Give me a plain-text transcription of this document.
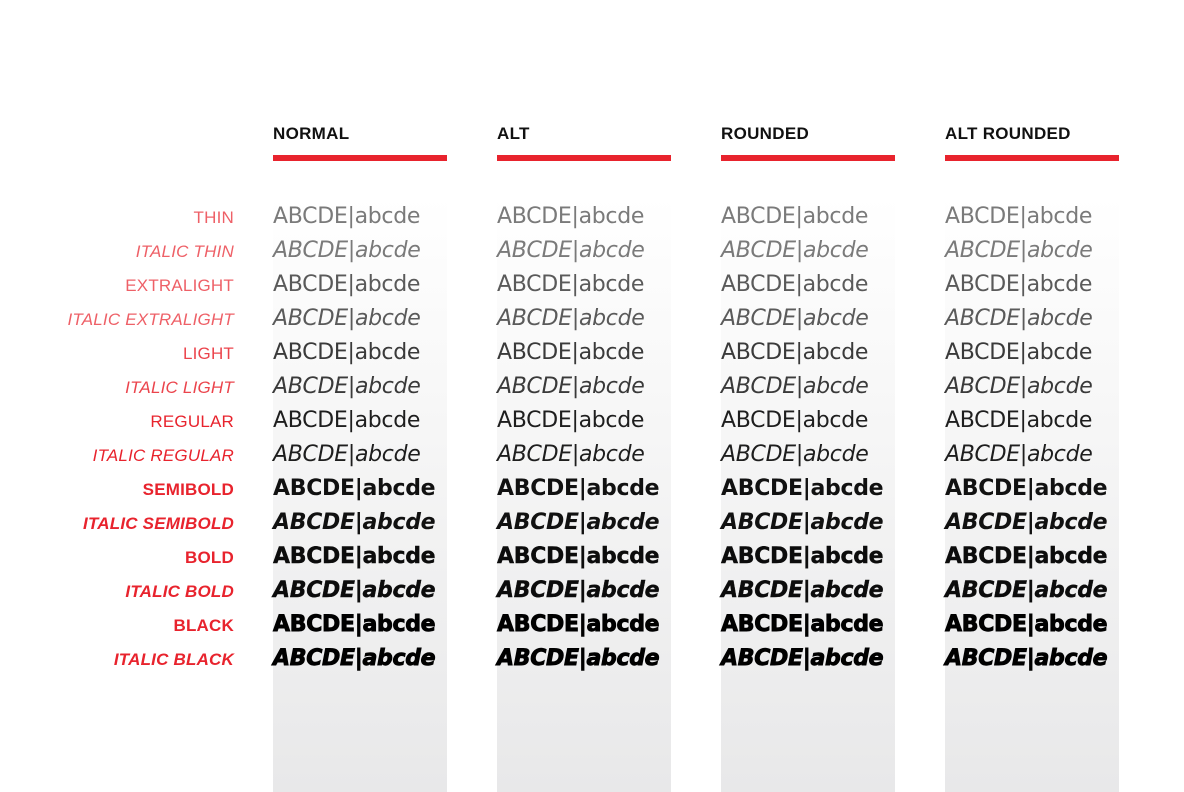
NORMAL	ALT	ROUNDED	ALT ROUNDED
THIN ABCDE|abcde	ABCDE|abcde	ABCDE|abcde	ABCDE|abcde
ITALIC THIN ABCDE|abcde	ABCDE|abcde	ABCDE|abcde	ABCDE|abcde
EXTRALIGHT ABCDE|abcde	ABCDE|abcde	ABCDE|abcde	ABCDE|abcde
ITALIC EXTRALIGHT ABCDE|abcde	ABCDE|abcde	ABCDE|abcde	ABCDE|abcde
LIGHT ABCDE|abcde	ABCDE|abcde	ABCDE|abcde	ABCDE|abcde
ITALIC LIGHT ABCDE|abcde	ABCDE|abcde	ABCDE|abcde	ABCDE|abcde
REGULAR ABCDE|abcde	ABCDE|abcde	ABCDE|abcde	ABCDE|abcde
ITALIC REGULAR ABCDE|abcde	ABCDE|abcde	ABCDE|abcde	ABCDE|abcde
SEMIBOLD ABCDE|abcde	ABCDE|abcde	ABCDE|abcde	ABCDE|abcde
ITALIC SEMIBOLD ABCDE|abcde	ABCDE|abcde	ABCDE|abcde	ABCDE|abcde
BOLD ABCDE|abcde	ABCDE|abcde	ABCDE|abcde	ABCDE|abcde
ITALIC BOLD ABCDE|abcde	ABCDE|abcde	ABCDE|abcde	ABCDE|abcde
BLACK ABCDE|abcde	ABCDE|abcde	ABCDE|abcde	ABCDE|abcde
ITALIC BLACK ABCDE|abcde	ABCDE|abcde	ABCDE|abcde	ABCDE|abcde
